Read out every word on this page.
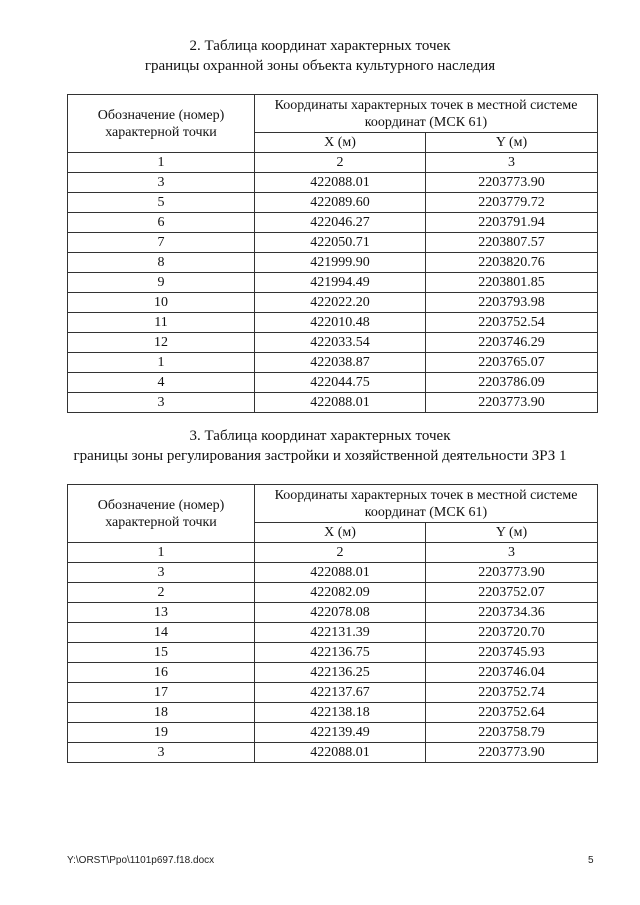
2. Таблица координат характерных точек
границы охранной зоны объекта культурного наследия
Обозначение (номер) характерной точки	Координаты характерных точек в местной системе координат (МСК 61)	
	X (м)	Y (м)
1	2	3
3	422088.01	2203773.90
5	422089.60	2203779.72
6	422046.27	2203791.94
7	422050.71	2203807.57
8	421999.90	2203820.76
9	421994.49	2203801.85
10	422022.20	2203793.98
11	422010.48	2203752.54
12	422033.54	2203746.29
1	422038.87	2203765.07
4	422044.75	2203786.09
3	422088.01	2203773.90
3. Таблица координат характерных точек
границы зоны регулирования застройки и хозяйственной деятельности ЗРЗ 1
Обозначение (номер) характерной точки	Координаты характерных точек в местной системе координат (МСК 61)	
	X (м)	Y (м)
1	2	3
3	422088.01	2203773.90
2	422082.09	2203752.07
13	422078.08	2203734.36
14	422131.39	2203720.70
15	422136.75	2203745.93
16	422136.25	2203746.04
17	422137.67	2203752.74
18	422138.18	2203752.64
19	422139.49	2203758.79
3	422088.01	2203773.90
Y:\ORST\Ppo\1101p697.f18.docx	5
